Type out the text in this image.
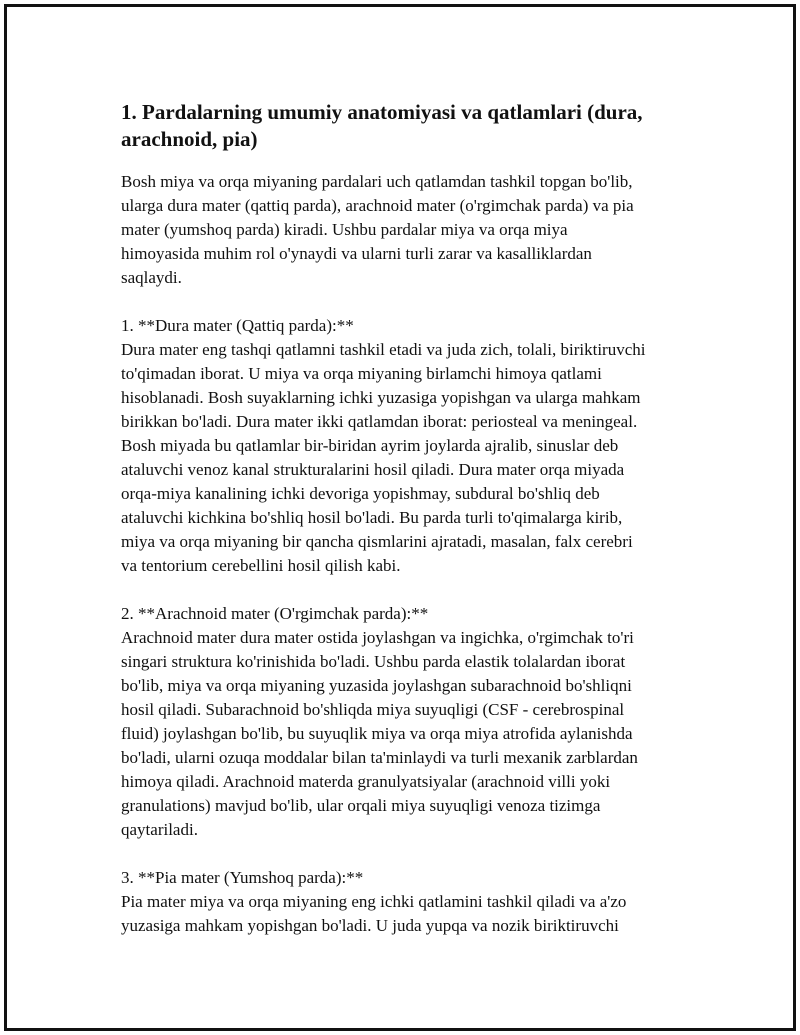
1. Pardalarning umumiy anatomiyasi va qatlamlari (dura,
arachnoid, pia)
Bosh miya va orqa miyaning pardalari uch qatlamdan tashkil topgan bo'lib,
ularga dura mater (qattiq parda), arachnoid mater (o'rgimchak parda) va pia
mater (yumshoq parda) kiradi. Ushbu pardalar miya va orqa miya
himoyasida muhim rol o'ynaydi va ularni turli zarar va kasalliklardan
saqlaydi.
1. **Dura mater (Qattiq parda):**
Dura mater eng tashqi qatlamni tashkil etadi va juda zich, tolali, biriktiruvchi
to'qimadan iborat. U miya va orqa miyaning birlamchi himoya qatlami
hisoblanadi. Bosh suyaklarning ichki yuzasiga yopishgan va ularga mahkam
birikkan bo'ladi. Dura mater ikki qatlamdan iborat: periosteal va meningeal.
Bosh miyada bu qatlamlar bir-biridan ayrim joylarda ajralib, sinuslar deb
ataluvchi venoz kanal strukturalarini hosil qiladi. Dura mater orqa miyada
orqa-miya kanalining ichki devoriga yopishmay, subdural bo'shliq deb
ataluvchi kichkina bo'shliq hosil bo'ladi. Bu parda turli to'qimalarga kirib,
miya va orqa miyaning bir qancha qismlarini ajratadi, masalan, falx cerebri
va tentorium cerebellini hosil qilish kabi.
2. **Arachnoid mater (O'rgimchak parda):**
Arachnoid mater dura mater ostida joylashgan va ingichka, o'rgimchak to'ri
singari struktura ko'rinishida bo'ladi. Ushbu parda elastik tolalardan iborat
bo'lib, miya va orqa miyaning yuzasida joylashgan subarachnoid bo'shliqni
hosil qiladi. Subarachnoid bo'shliqda miya suyuqligi (CSF - cerebrospinal
fluid) joylashgan bo'lib, bu suyuqlik miya va orqa miya atrofida aylanishda
bo'ladi, ularni ozuqa moddalar bilan ta'minlaydi va turli mexanik zarblardan
himoya qiladi. Arachnoid materda granulyatsiyalar (arachnoid villi yoki
granulations) mavjud bo'lib, ular orqali miya suyuqligi venoza tizimga
qaytariladi.
3. **Pia mater (Yumshoq parda):**
Pia mater miya va orqa miyaning eng ichki qatlamini tashkil qiladi va a'zo
yuzasiga mahkam yopishgan bo'ladi. U juda yupqa va nozik biriktiruvchi
